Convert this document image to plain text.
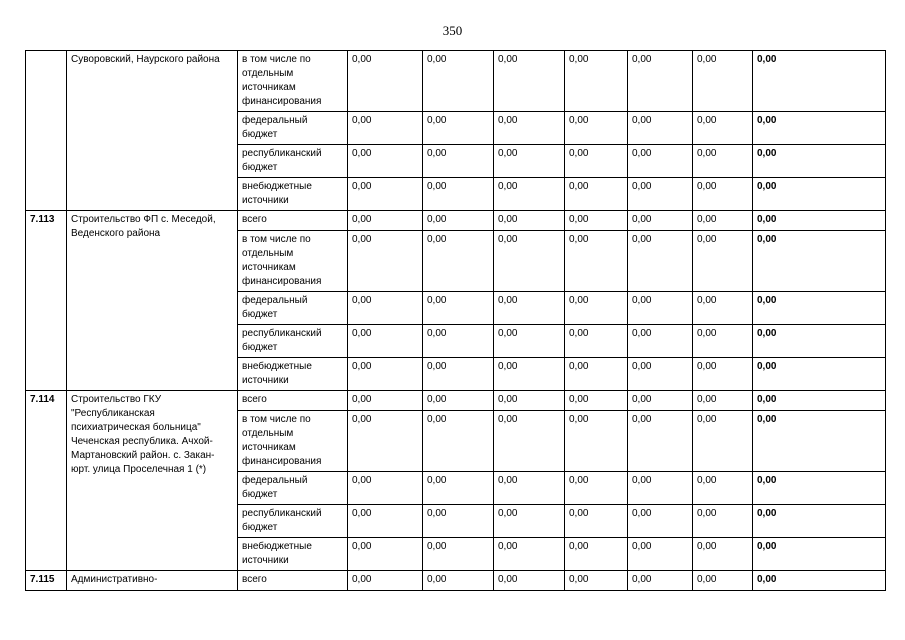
350
	Суворовский, Наурского района	в том числе по отдельным источникам финансирования	0,00	0,00	0,00	0,00	0,00	0,00	0,00
		федеральный бюджет	0,00	0,00	0,00	0,00	0,00	0,00	0,00
		республиканский бюджет	0,00	0,00	0,00	0,00	0,00	0,00	0,00
		внебюджетные источники	0,00	0,00	0,00	0,00	0,00	0,00	0,00
7.113	Строительство ФП с. Меседой, Веденского района	всего	0,00	0,00	0,00	0,00	0,00	0,00	0,00
		в том числе по отдельным источникам финансирования	0,00	0,00	0,00	0,00	0,00	0,00	0,00
		федеральный бюджет	0,00	0,00	0,00	0,00	0,00	0,00	0,00
		республиканский бюджет	0,00	0,00	0,00	0,00	0,00	0,00	0,00
		внебюджетные источники	0,00	0,00	0,00	0,00	0,00	0,00	0,00
7.114	Строительство ГКУ "Республиканская психиатрическая больница" Чеченская республика. Ачхой-Мартановский район. с. Закан-юрт. улица Проселечная 1 (*)	всего	0,00	0,00	0,00	0,00	0,00	0,00	0,00
		в том числе по отдельным источникам финансирования	0,00	0,00	0,00	0,00	0,00	0,00	0,00
		федеральный бюджет	0,00	0,00	0,00	0,00	0,00	0,00	0,00
		республиканский бюджет	0,00	0,00	0,00	0,00	0,00	0,00	0,00
		внебюджетные источники	0,00	0,00	0,00	0,00	0,00	0,00	0,00
7.115	Административно-	всего	0,00	0,00	0,00	0,00	0,00	0,00	0,00
